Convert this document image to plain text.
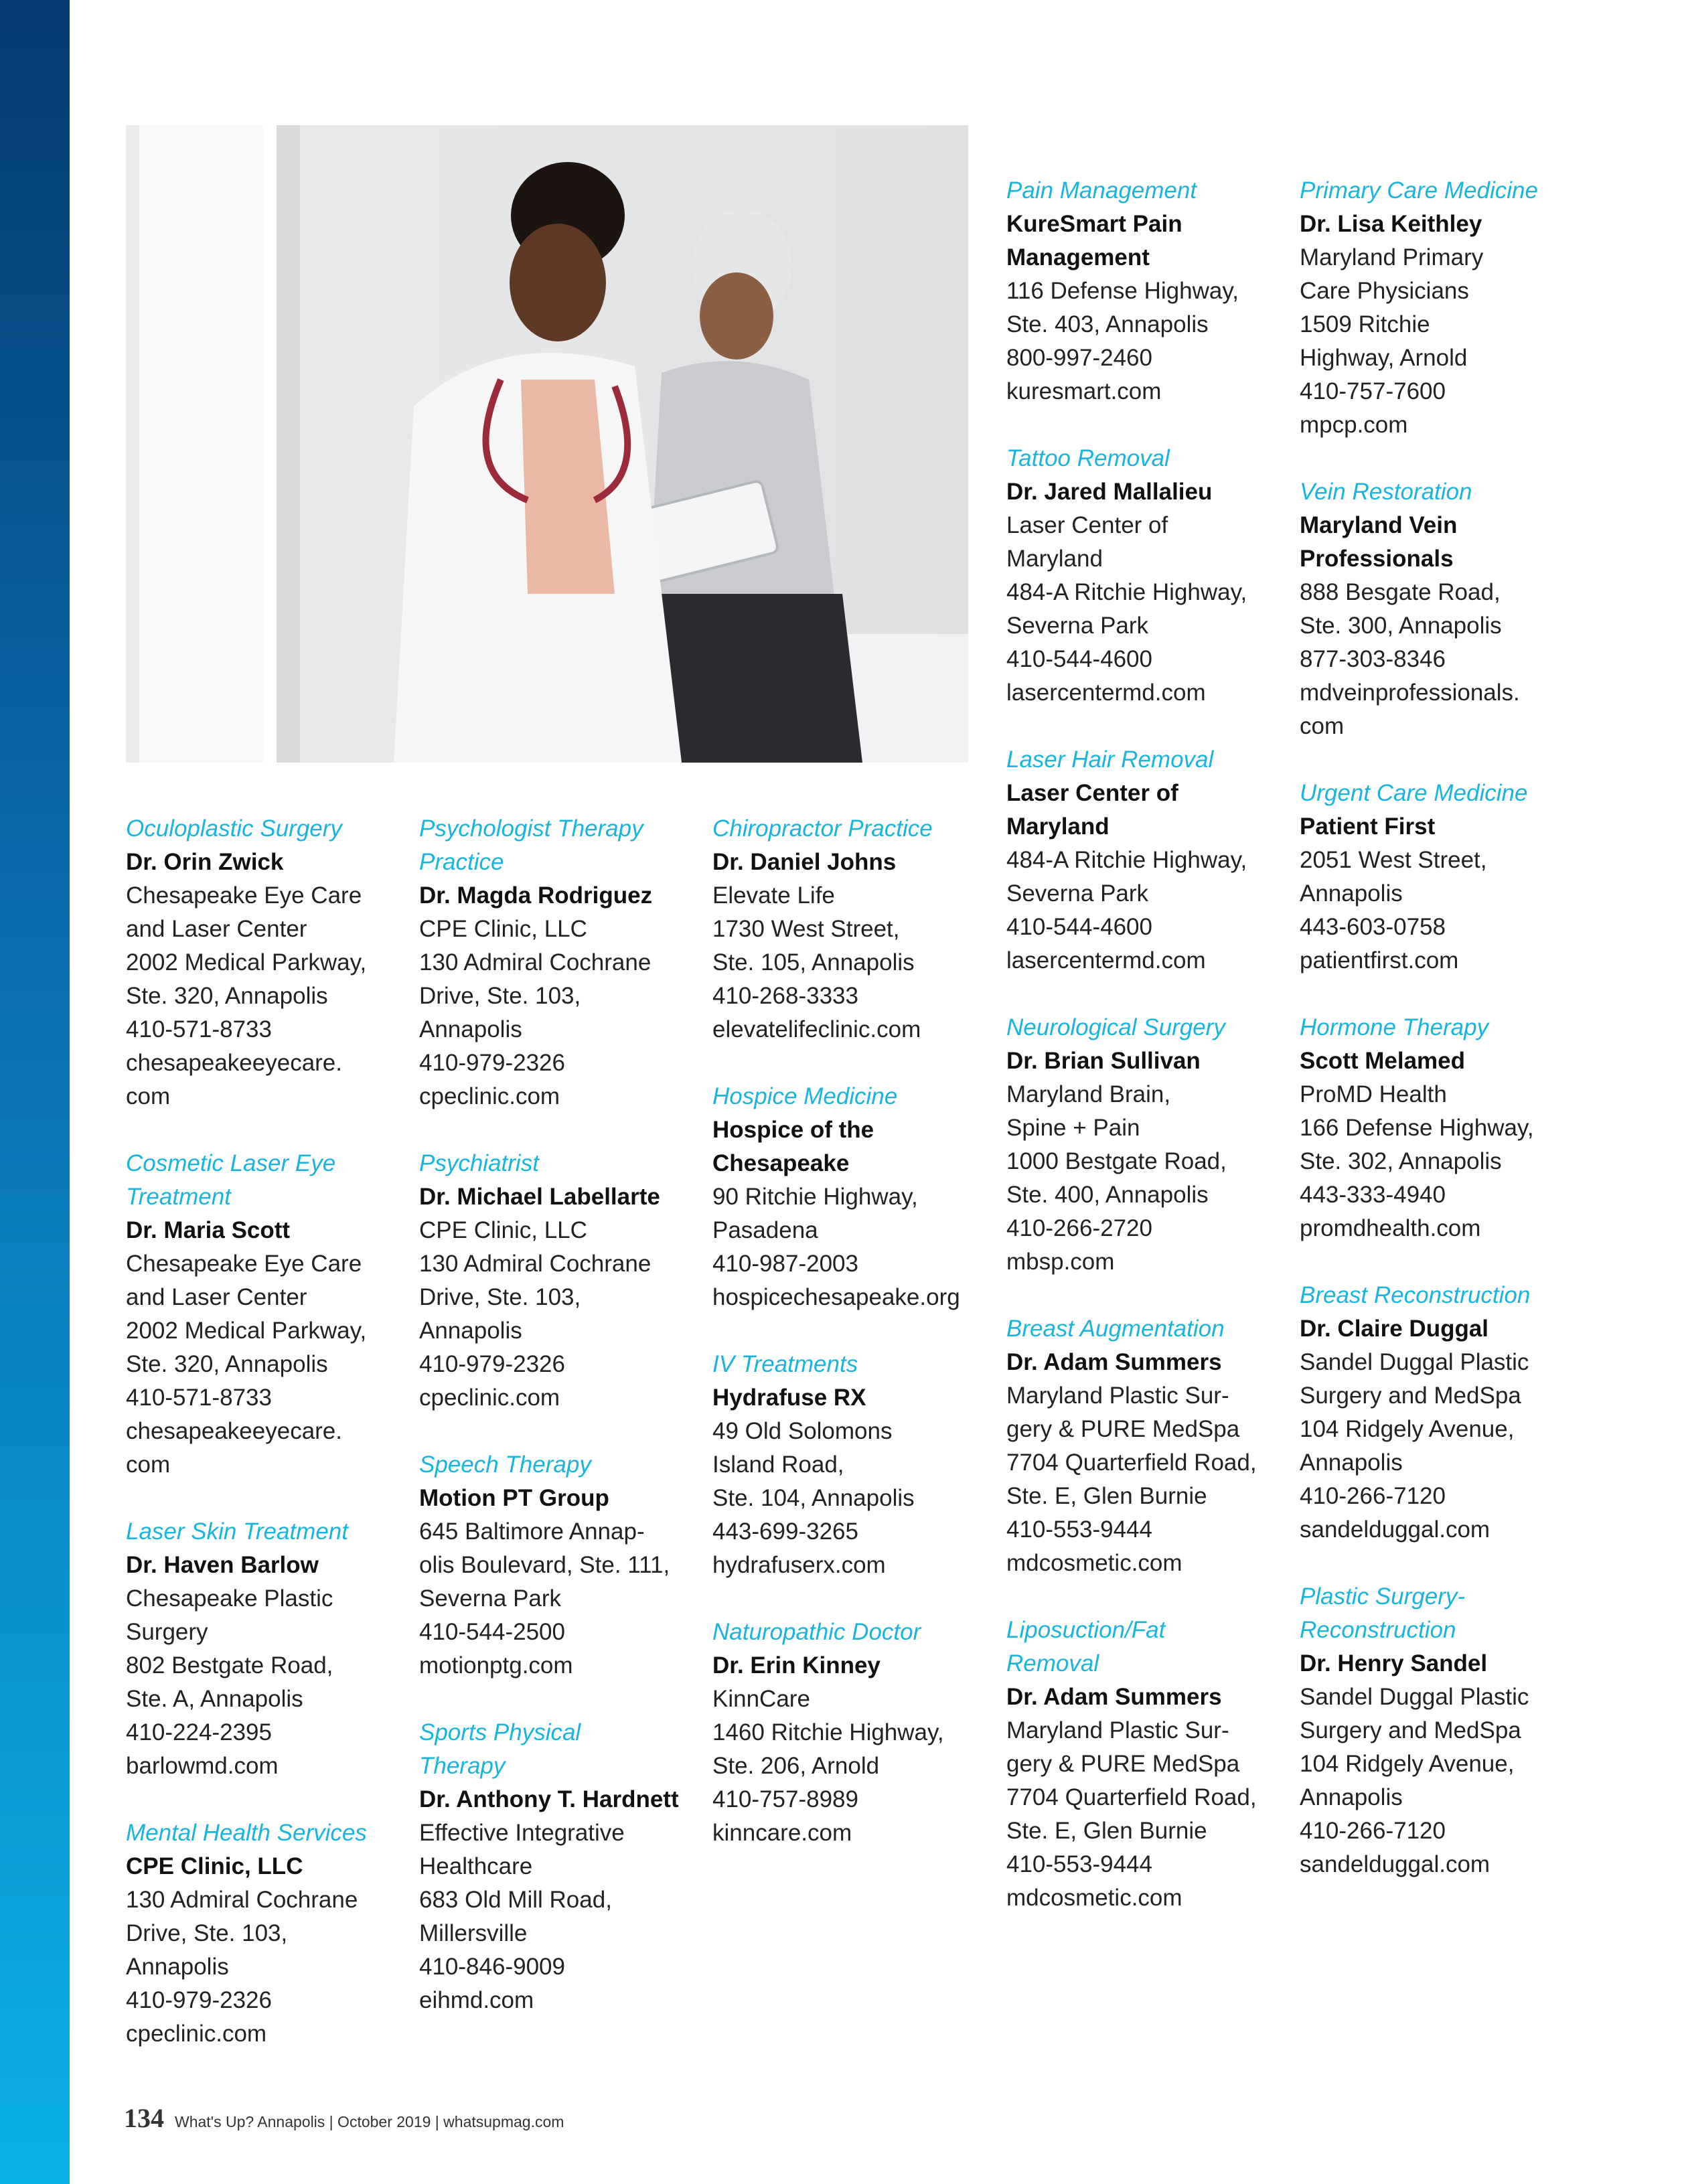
Oculoplastic Surgery
Dr. Orin Zwick
Chesapeake Eye Care
and Laser Center
2002 Medical Parkway,
Ste. 320, Annapolis
410-571-8733
chesapeakeeyecare.
com
Cosmetic Laser Eye
Treatment
Dr. Maria Scott
Chesapeake Eye Care
and Laser Center
2002 Medical Parkway,
Ste. 320, Annapolis
410-571-8733
chesapeakeeyecare.
com
Laser Skin Treatment
Dr. Haven Barlow
Chesapeake Plastic
Surgery
802 Bestgate Road,
Ste. A, Annapolis
410-224-2395
barlowmd.com
Mental Health Services
CPE Clinic, LLC
130 Admiral Cochrane
Drive, Ste. 103,
Annapolis
410-979-2326
cpeclinic.com
Psychologist Therapy
Practice
Dr. Magda Rodriguez
CPE Clinic, LLC
130 Admiral Cochrane
Drive, Ste. 103,
Annapolis
410-979-2326
cpeclinic.com
Psychiatrist
Dr. Michael Labellarte
CPE Clinic, LLC
130 Admiral Cochrane
Drive, Ste. 103,
Annapolis
410-979-2326
cpeclinic.com
Speech Therapy
Motion PT Group
645 Baltimore Annap-
olis Boulevard, Ste. 111,
Severna Park
410-544-2500
motionptg.com
Sports Physical
Therapy
Dr. Anthony T. Hardnett
Effective Integrative
Healthcare
683 Old Mill Road,
Millersville
410-846-9009
eihmd.com
Chiropractor Practice
Dr. Daniel Johns
Elevate Life
1730 West Street,
Ste. 105, Annapolis
410-268-3333
elevatelifeclinic.com
Hospice Medicine
Hospice of the
Chesapeake
90 Ritchie Highway,
Pasadena
410-987-2003
hospicechesapeake.org
IV Treatments
Hydrafuse RX
49 Old Solomons
Island Road,
Ste. 104, Annapolis
443-699-3265
hydrafuserx.com
Naturopathic Doctor
Dr. Erin Kinney
KinnCare
1460 Ritchie Highway,
Ste. 206, Arnold
410-757-8989
kinncare.com
Pain Management
KureSmart Pain
Management
116 Defense Highway,
Ste. 403, Annapolis
800-997-2460
kuresmart.com
Tattoo Removal
Dr. Jared Mallalieu
Laser Center of
Maryland
484-A Ritchie Highway,
Severna Park
410-544-4600
lasercentermd.com
Laser Hair Removal
Laser Center of
Maryland
484-A Ritchie Highway,
Severna Park
410-544-4600
lasercentermd.com
Neurological Surgery
Dr. Brian Sullivan
Maryland Brain,
Spine + Pain
1000 Bestgate Road,
Ste. 400, Annapolis
410-266-2720
mbsp.com
Breast Augmentation
Dr. Adam Summers
Maryland Plastic Sur-
gery & PURE MedSpa
7704 Quarterfield Road,
Ste. E, Glen Burnie
410-553-9444
mdcosmetic.com
Liposuction/Fat
Removal
Dr. Adam Summers
Maryland Plastic Sur-
gery & PURE MedSpa
7704 Quarterfield Road,
Ste. E, Glen Burnie
410-553-9444
mdcosmetic.com
Primary Care Medicine
Dr. Lisa Keithley
Maryland Primary
Care Physicians
1509 Ritchie
Highway, Arnold
410-757-7600
mpcp.com
Vein Restoration
Maryland Vein
Professionals
888 Besgate Road,
Ste. 300, Annapolis
877-303-8346
mdveinprofessionals.
com
Urgent Care Medicine
Patient First
2051 West Street,
Annapolis
443-603-0758
patientfirst.com
Hormone Therapy
Scott Melamed
ProMD Health
166 Defense Highway,
Ste. 302, Annapolis
443-333-4940
promdhealth.com
Breast Reconstruction
Dr. Claire Duggal
Sandel Duggal Plastic
Surgery and MedSpa
104 Ridgely Avenue,
Annapolis
410-266-7120
sandelduggal.com
Plastic Surgery-
Reconstruction
Dr. Henry Sandel
Sandel Duggal Plastic
Surgery and MedSpa
104 Ridgely Avenue,
Annapolis
410-266-7120
sandelduggal.com
134 What's Up? Annapolis | October 2019 | whatsupmag.com
